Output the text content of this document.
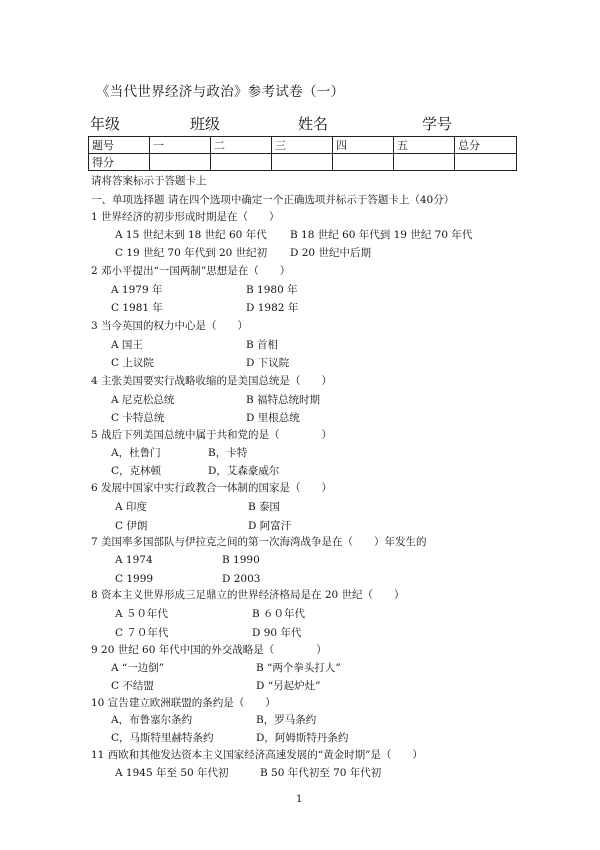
《当代世界经济与政治》参考试卷（一）
年级	班级	姓名	学号
题号	一	二	三	四	五	总分
得分						
请将答案标示于答题卡上
一、单项选择题 请在四个选项中确定一个正确选项并标示于答题卡上（40分）
1 世界经济的初步形成时期是在（　　）
A 15 世纪末到 18 世纪 60 年代 B 18 世纪 60 年代到 19 世纪 70 年代
C 19 世纪 70 年代到 20 世纪初 D 20 世纪中后期
2 邓小平提出“一国两制”思想是在（　　）
A 1979 年	B 1980 年
C 1981 年	D 1982 年
3 当今英国的权力中心是（　　）
A 国王	B 首相
C 上议院	D 下议院
4 主张美国要实行战略收缩的是美国总统是（　　）
A 尼克松总统	B 福特总统时期
C 卡特总统	D 里根总统
5 战后下列美国总统中属于共和党的是（　　　　）
A，杜鲁门	B，卡特
C，克林顿	D，艾森豪威尔
6 发展中国家中实行政教合一体制的国家是（　　）
A 印度	B 泰国
C 伊朗	D 阿富汗
7 美国率多国部队与伊拉克之间的第一次海湾战争是在（　　）年发生的
A 1974	B 1990
C 1999	D 2003
8 资本主义世界形成三足鼎立的世界经济格局是在 20 世纪（　　）
A ５０年代	B ６０年代
C ７０年代	D 90 年代
9 20 世纪 60 年代中国的外交战略是（　　　　）
A “一边倒”	B “两个拳头打人”
C 不结盟	D “另起炉灶”
10 宣告建立欧洲联盟的条约是（　　）
A，布鲁塞尔条约	B，罗马条约
C，马斯特里赫特条约	D，阿姆斯特丹条约
11 西欧和其他发达资本主义国家经济高速发展的“黄金时期”是（　　）
A 1945 年至 50 年代初	B 50 年代初至 70 年代初
1
